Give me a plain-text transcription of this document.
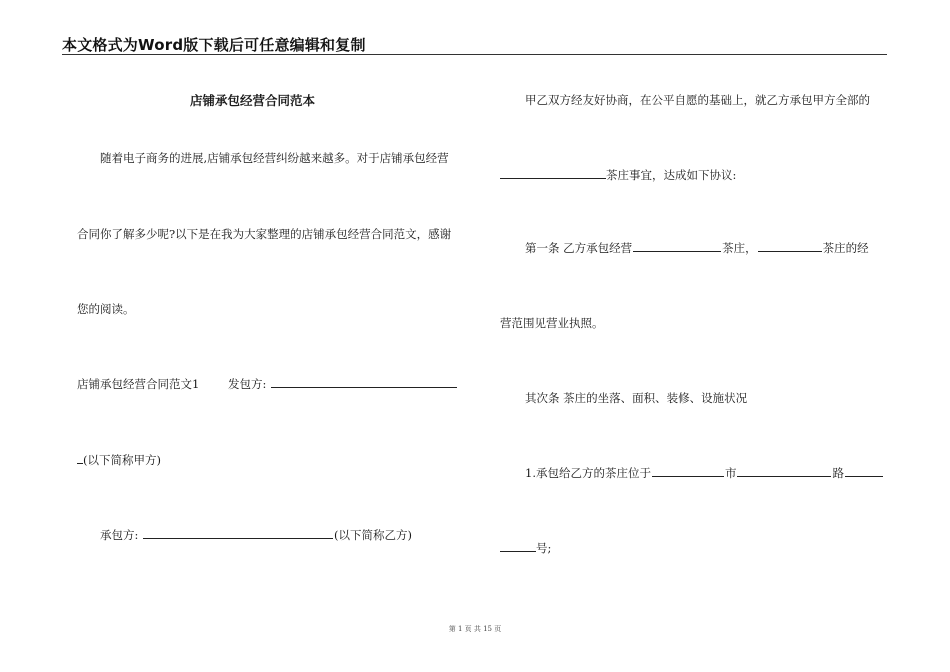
本文格式为Word版下载后可任意编辑和复制
店铺承包经营合同范本
随着电子商务的进展,店铺承包经营纠纷越来越多。对于店铺承包经营
合同你了解多少呢?以下是在我为大家整理的店铺承包经营合同范文，感谢
您的阅读。
店铺承包经营合同范文1 发包方:
(以下简称甲方)
承包方:	(以下简称乙方)
甲乙双方经友好协商，在公平自愿的基础上，就乙方承包甲方全部的
茶庄事宜，达成如下协议:
第一条 乙方承包经营	茶庄，	茶庄的经
营范围见营业执照。
其次条 茶庄的坐落、面积、装修、设施状况
1.承包给乙方的茶庄位于	市	路
号;
第 1 页 共 15 页
